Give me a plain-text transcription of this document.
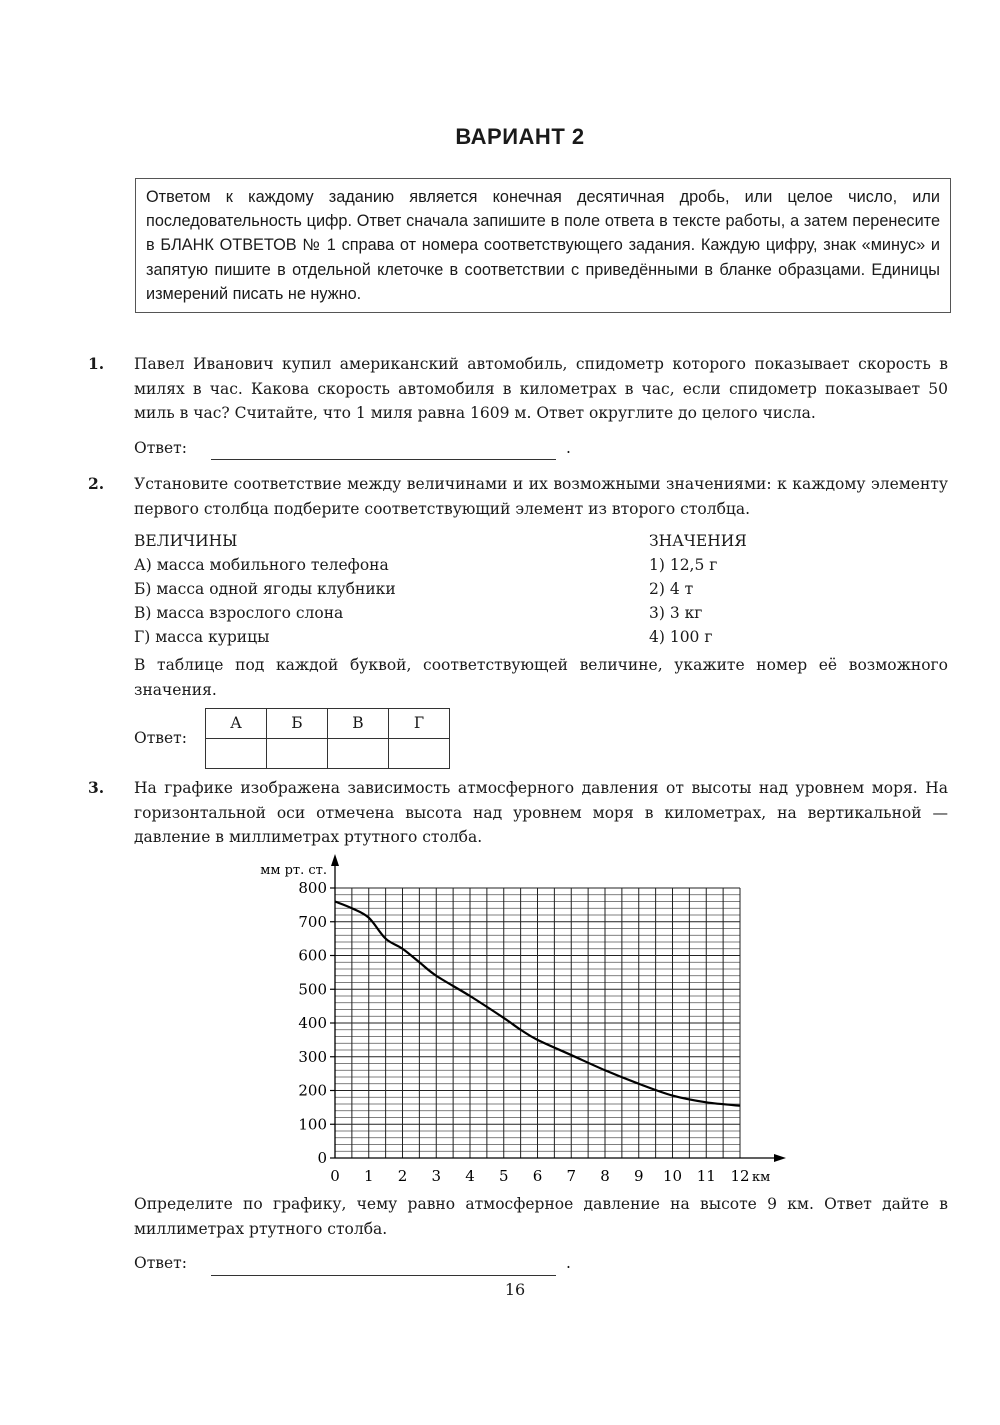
ВАРИАНТ 2
Ответом к каждому заданию является конечная десятичная дробь, или целое число, или последовательность цифр. Ответ сначала запишите в поле ответа в тексте работы, а затем перенесите в БЛАНК ОТВЕТОВ № 1 справа от номера соответствующего задания. Каждую цифру, знак «минус» и запятую пишите в отдельной клеточке в соответствии с приведёнными в бланке образцами. Единицы измерений писать не нужно.
1. Павел Иванович купил американский автомобиль, спидометр которого показывает скорость в милях в час. Какова скорость автомобиля в километрах в час, если спидометр показывает 50 миль в час? Считайте, что 1 миля равна 1609 м. Ответ округлите до целого числа.
Ответ:	.
2. Установите соответствие между величинами и их возможными значениями: к каждому элементу первого столбца подберите соответствующий элемент из второго столбца.
ВЕЛИЧИНЫ
А) масса мобильного телефона
Б) масса одной ягоды клубники
В) масса взрослого слона
Г) масса курицы
ЗНАЧЕНИЯ
1) 12,5 г
2) 4 т
3) 3 кг
4) 100 г
В таблице под каждой буквой, соответствующей величине, укажите номер её возможного значения.
Ответ:
А	Б	В	Г

3. На графике изображена зависимость атмосферного давления от высоты над уровнем моря. На горизонтальной оси отмечена высота над уровнем моря в километрах, на вертикальной — давление в миллиметрах ртутного столба.
0
100
200
300
400
500
600
700
800
0 1 2 3 4 5 6 7 8 9 10 11 12 км
мм рт. ст.
Определите по графику, чему равно атмосферное давление на высоте 9 км. Ответ дайте в миллиметрах ртутного столба.
Ответ:	.
16
